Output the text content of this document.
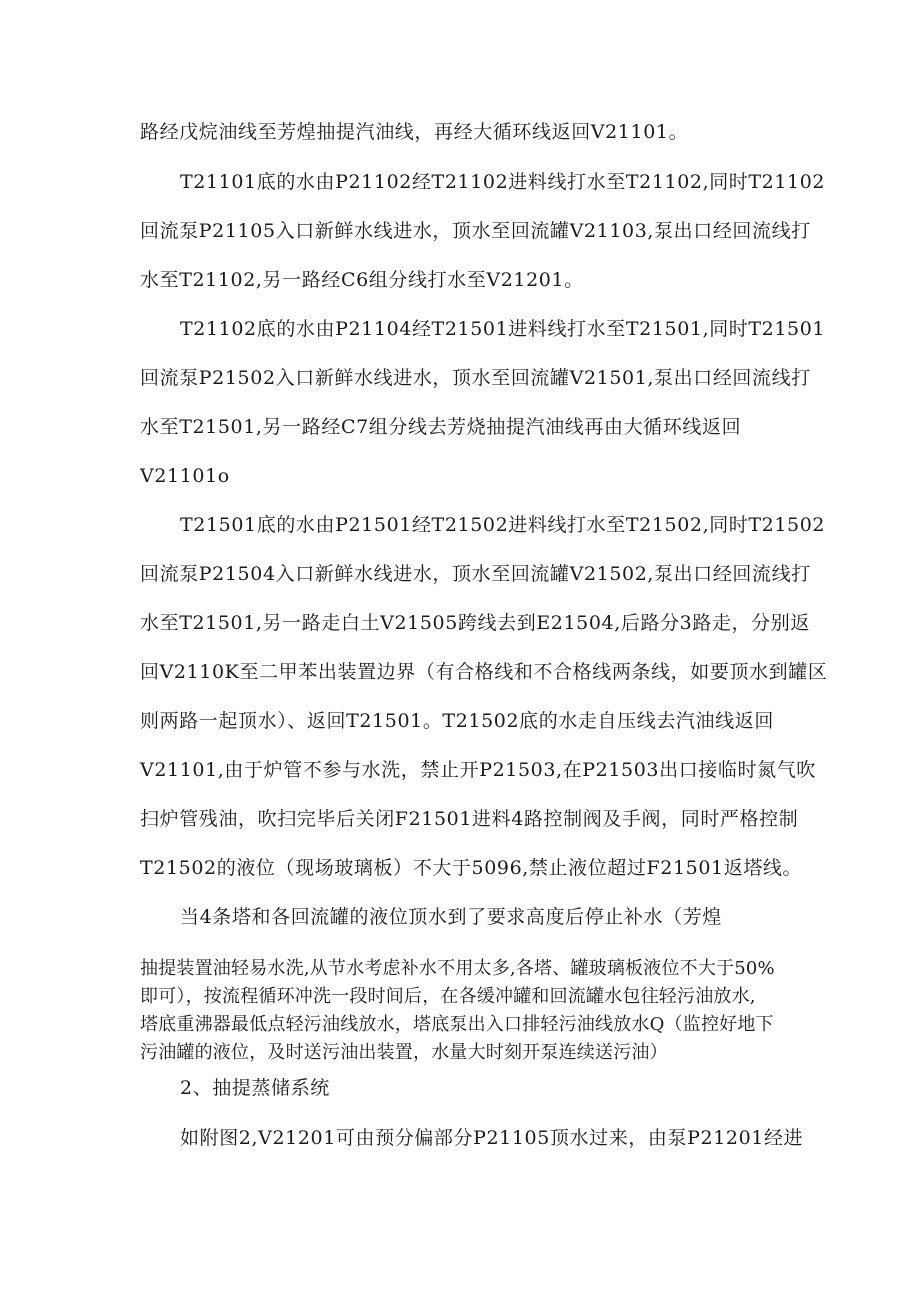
路经戊烷油线至芳煌抽提汽油线，再经大循环线返回V21101。
T21101底的水由P21102经T21102进料线打水至T21102,同时T21102
回流泵P21105入口新鲜水线进水，顶水至回流罐V21103,泵出口经回流线打
水至T21102,另一路经C6组分线打水至V21201。
T21102底的水由P21104经T21501进料线打水至T21501,同时T21501
回流泵P21502入口新鲜水线进水，顶水至回流罐V21501,泵出口经回流线打
水至T21501,另一路经C7组分线去芳烧抽提汽油线再由大循环线返回
V21101o
T21501底的水由P21501经T21502进料线打水至T21502,同时T21502
回流泵P21504入口新鲜水线进水，顶水至回流罐V21502,泵出口经回流线打
水至T21501,另一路走白土V21505跨线去到E21504,后路分3路走，分别返
回V2110K至二甲苯出装置边界（有合格线和不合格线两条线，如要顶水到罐区
则两路一起顶水）、返回T21501。T21502底的水走自压线去汽油线返回
V21101,由于炉管不参与水洗，禁止开P21503,在P21503出口接临时氮气吹
扫炉管残油，吹扫完毕后关闭F21501进料4路控制阀及手阀，同时严格控制
T21502的液位（现场玻璃板）不大于5096,禁止液位超过F21501返塔线。
当4条塔和各回流罐的液位顶水到了要求高度后停止补水（芳煌
抽提装置油轻易水洗,从节水考虑补水不用太多,各塔、罐玻璃板液位不大于50%
即可），按流程循环冲洗一段时间后，在各缓冲罐和回流罐水包往轻污油放水,
塔底重沸器最低点轻污油线放水，塔底泵出入口排轻污油线放水Q（监控好地下
污油罐的液位，及时送污油出装置，水量大时刻开泵连续送污油）
2、抽提蒸储系统
如附图2,V21201可由预分偏部分P21105顶水过来，由泵P21201经进
